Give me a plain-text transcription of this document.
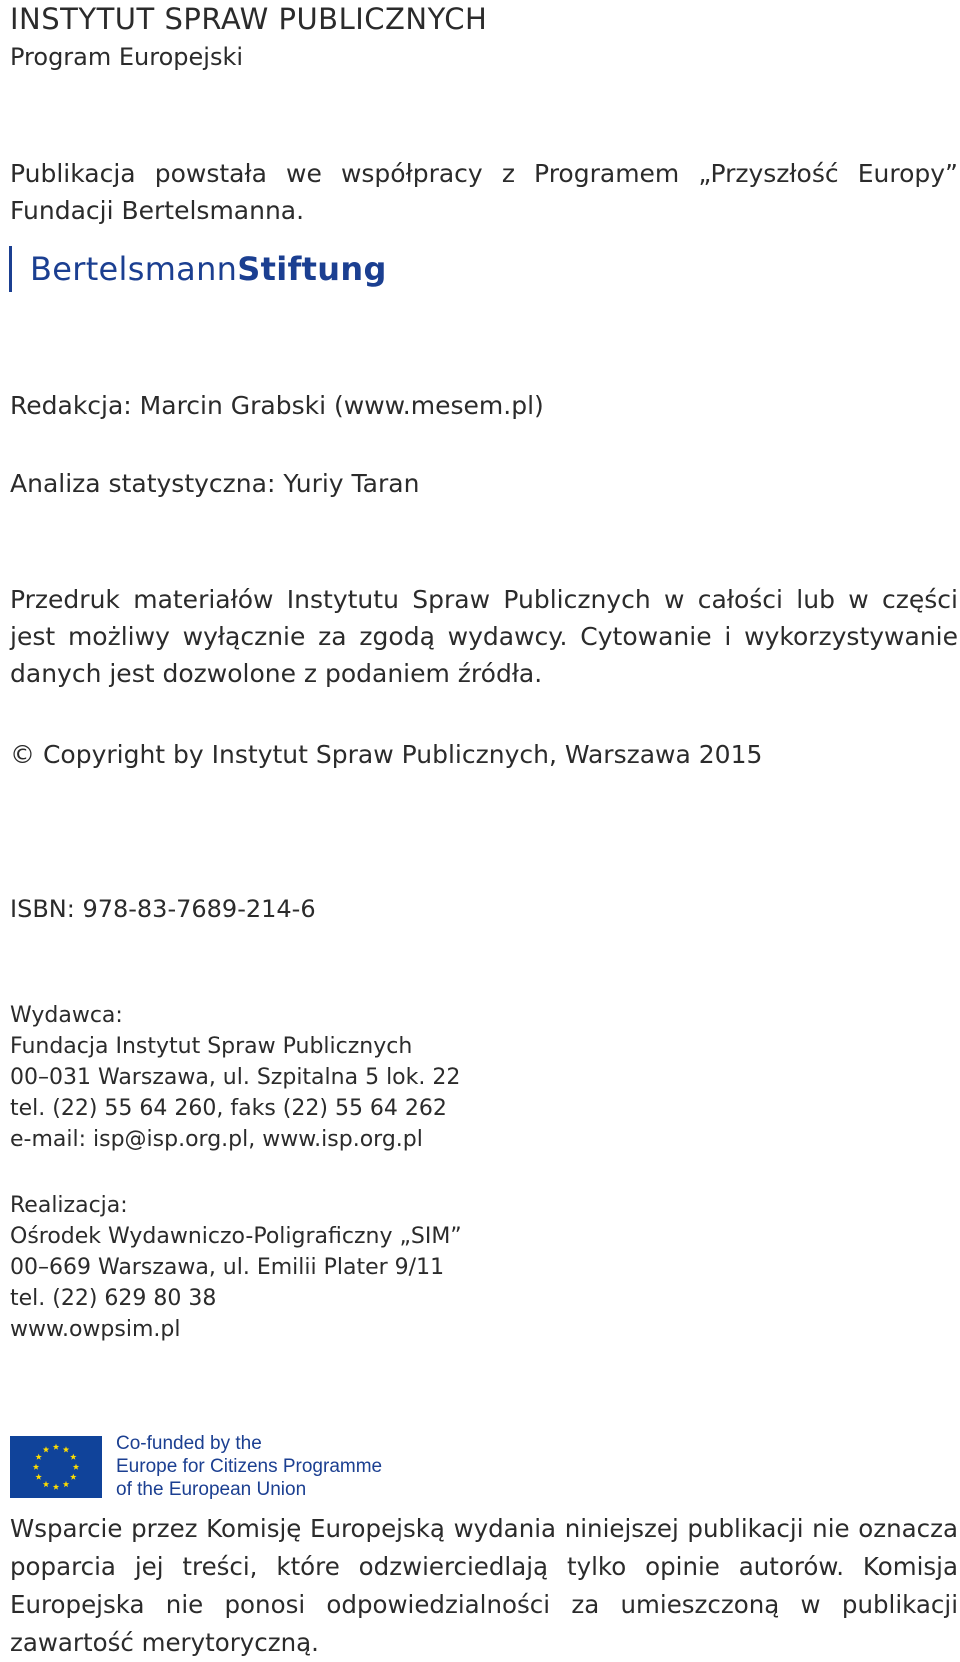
INSTYTUT SPRAW PUBLICZNYCH
Program Europejski

Publikacja powstała we współpracy z Programem „Przyszłość Europy” Fundacji Bertelsmanna.

Bertelsmann Stiftung
Redakcja: Marcin Grabski (www.mesem.pl)
Analiza statystyczna: Yuriy Taran

Przedruk materiałów Instytutu Spraw Publicznych w całości lub w części jest możliwy wyłącznie za zgodą wydawcy. Cytowanie i wykorzystywanie danych jest dozwolone z podaniem źródła.

© Copyright by Instytut Spraw Publicznych, Warszawa 2015
ISBN: 978-83-7689-214-6
Wydawca:
Fundacja Instytut Spraw Publicznych
00–031 Warszawa, ul. Szpitalna 5 lok. 22
tel. (22) 55 64 260, faks (22) 55 64 262
e-mail: isp@isp.org.pl, www.isp.org.pl
Realizacja:
Ośrodek Wydawniczo-Poligraficzny „SIM”
00–669 Warszawa, ul. Emilii Plater 9/11
tel. (22) 629 80 38
www.owpsim.pl
Co-funded by the
Europe for Citizens Programme
of the European Union

Wsparcie przez Komisję Europejską wydania niniejszej publikacji nie oznacza poparcia jej treści, które odzwierciedlają tylko opinie autorów. Komisja Europejska nie ponosi odpowiedzialności za umieszczoną w publikacji zawartość merytoryczną.
